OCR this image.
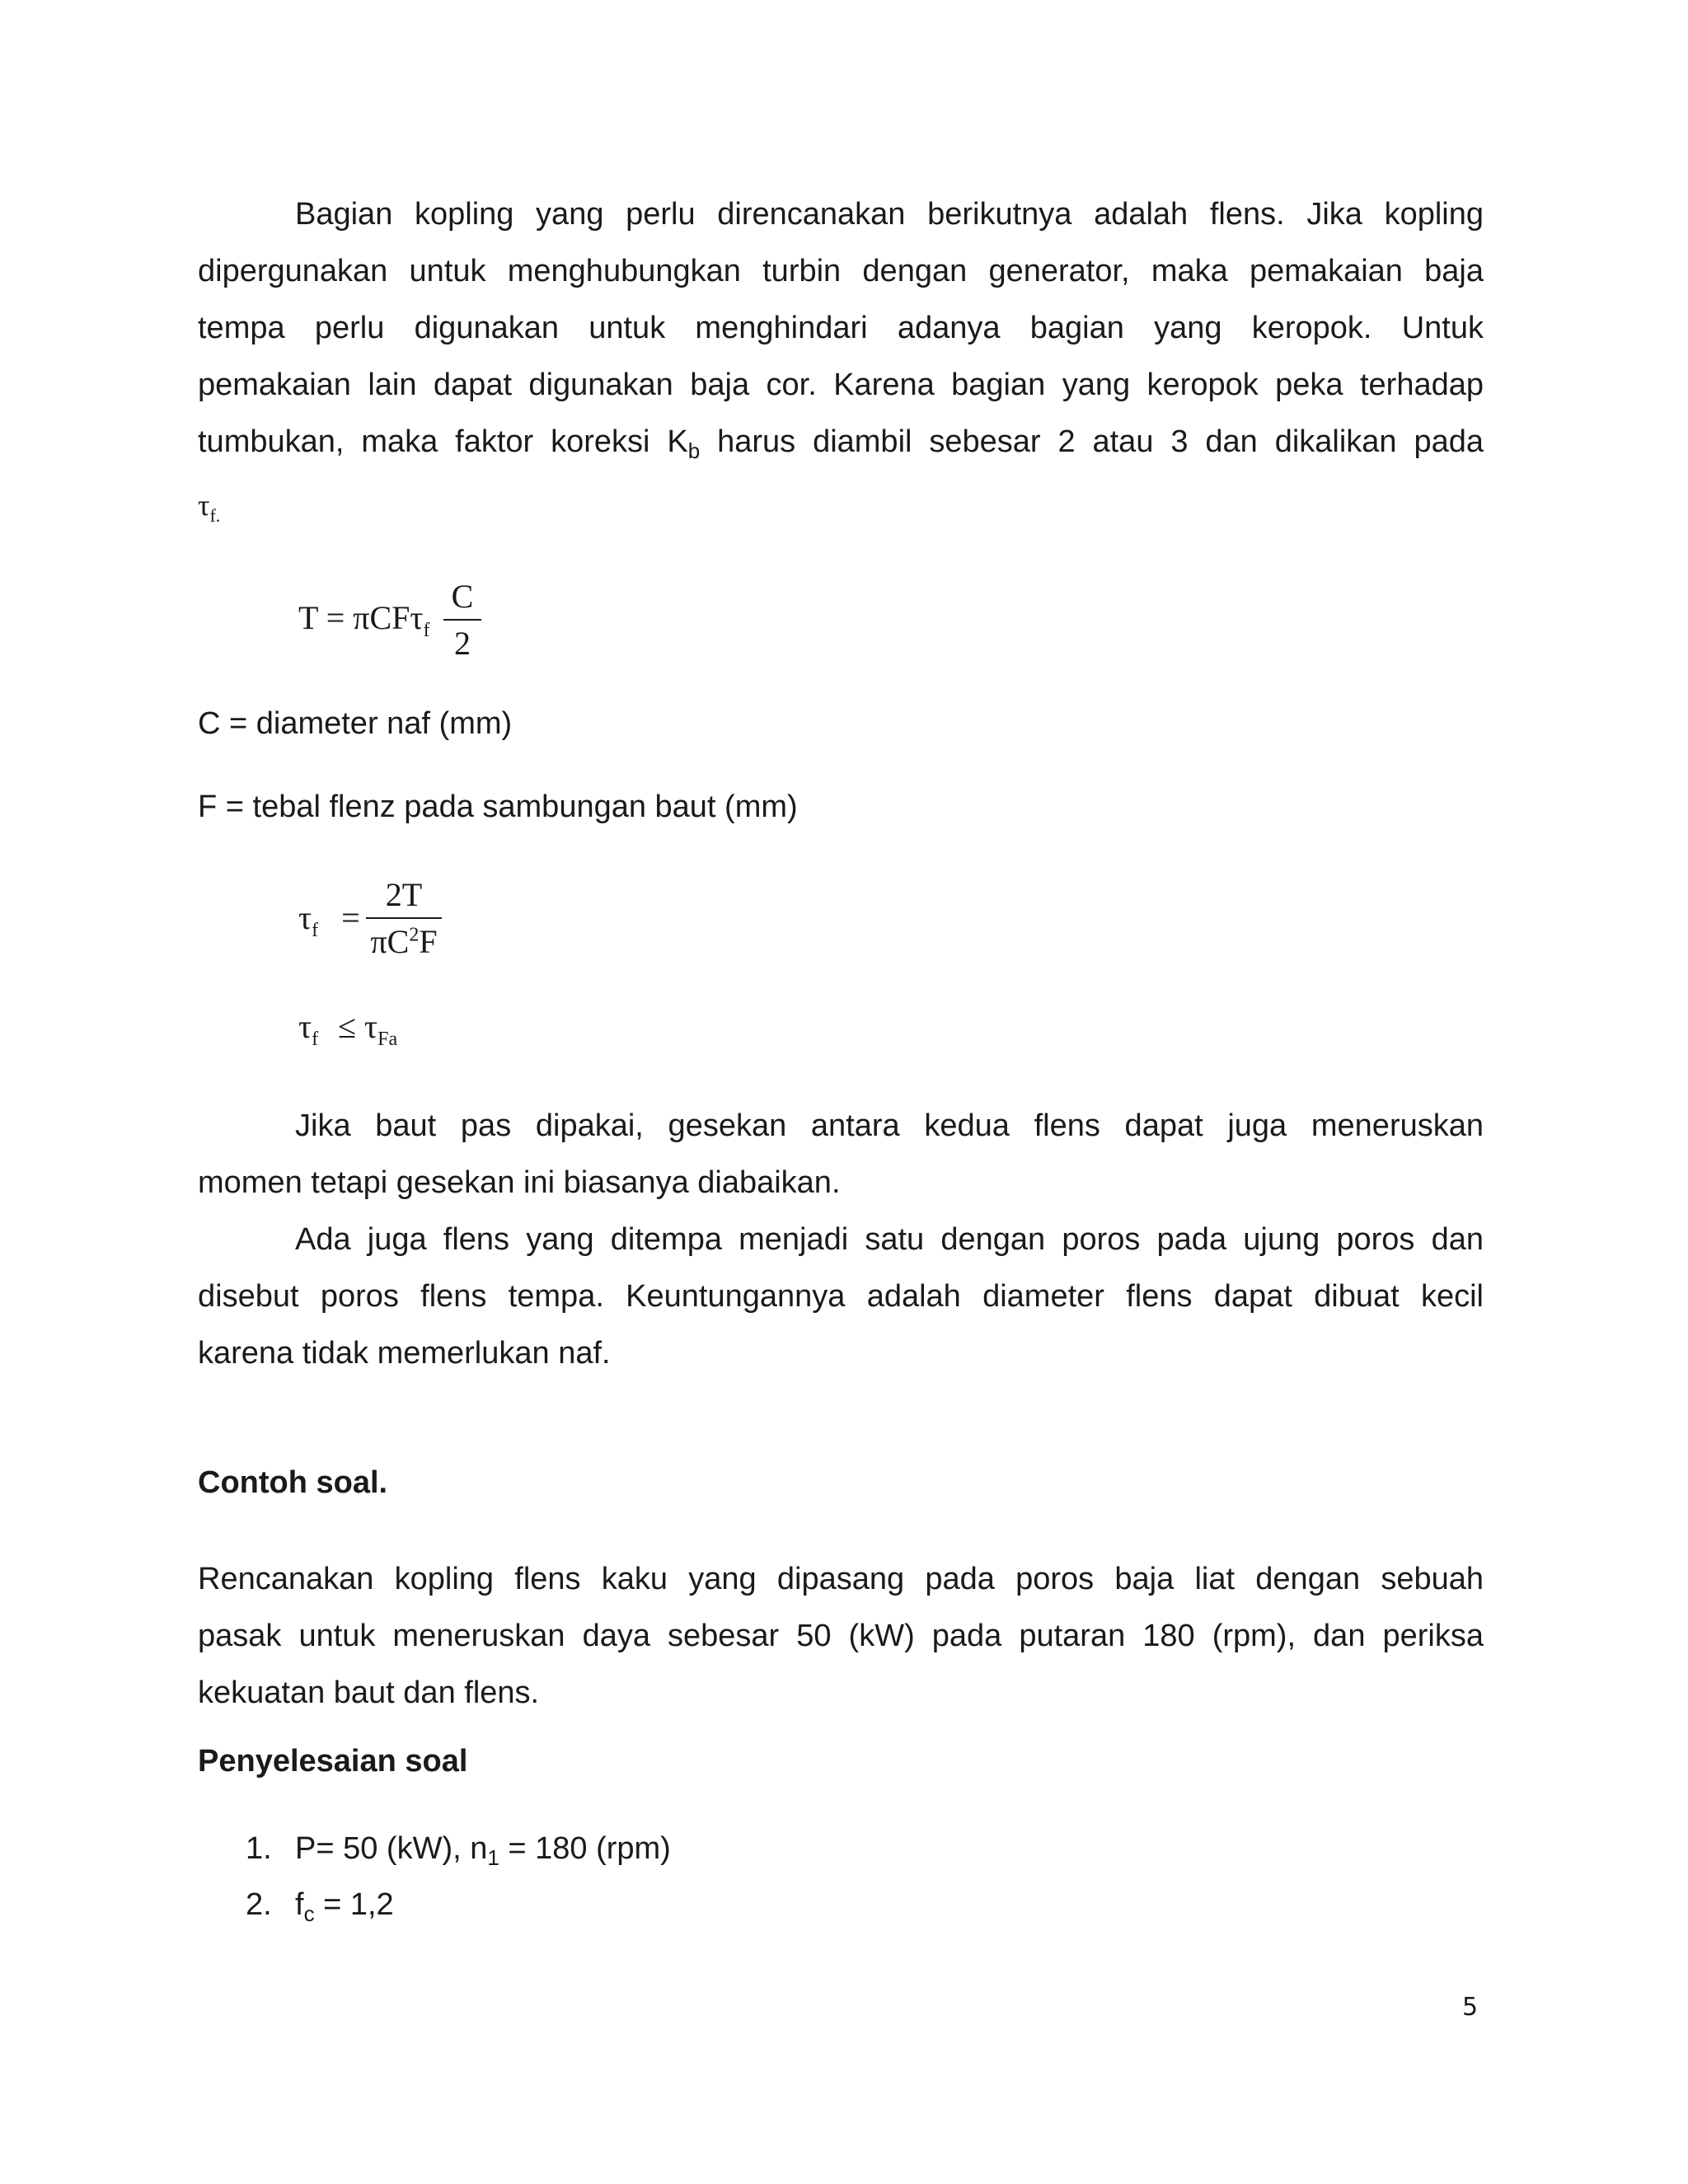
Bagian kopling yang perlu direncanakan berikutnya adalah flens. Jika kopling
dipergunakan untuk menghubungkan turbin dengan generator, maka pemakaian baja
tempa perlu digunakan untuk menghindari adanya bagian yang keropok. Untuk
pemakaian lain dapat digunakan baja cor. Karena bagian yang keropok peka terhadap
tumbukan, maka faktor koreksi $K_b$ harus diambil sebesar 2 atau 3 dan dikalikan pada
$\tau_{f.}$
T = πCFτ$_f$
C
2
C = diameter naf (mm)
F = tebal flenz pada sambungan baut (mm)
$\tau_f$ =
2T
$\pi C^2F$
$\tau_f \le \tau_{Fa}$
Jika baut pas dipakai, gesekan antara kedua flens dapat juga meneruskan
momen tetapi gesekan ini biasanya diabaikan.
Ada juga flens yang ditempa menjadi satu dengan poros pada ujung poros dan
disebut poros flens tempa. Keuntungannya adalah diameter flens dapat dibuat kecil
karena tidak memerlukan naf.
Contoh soal.
Rencanakan kopling flens kaku yang dipasang pada poros baja liat dengan sebuah
pasak untuk meneruskan daya sebesar 50 (kW) pada putaran 180 (rpm), dan periksa
kekuatan baut dan flens.
Penyelesaian soal
1. P= 50 (kW), $n_1 = 180$ (rpm)
2. $f_c = 1,2$
5
